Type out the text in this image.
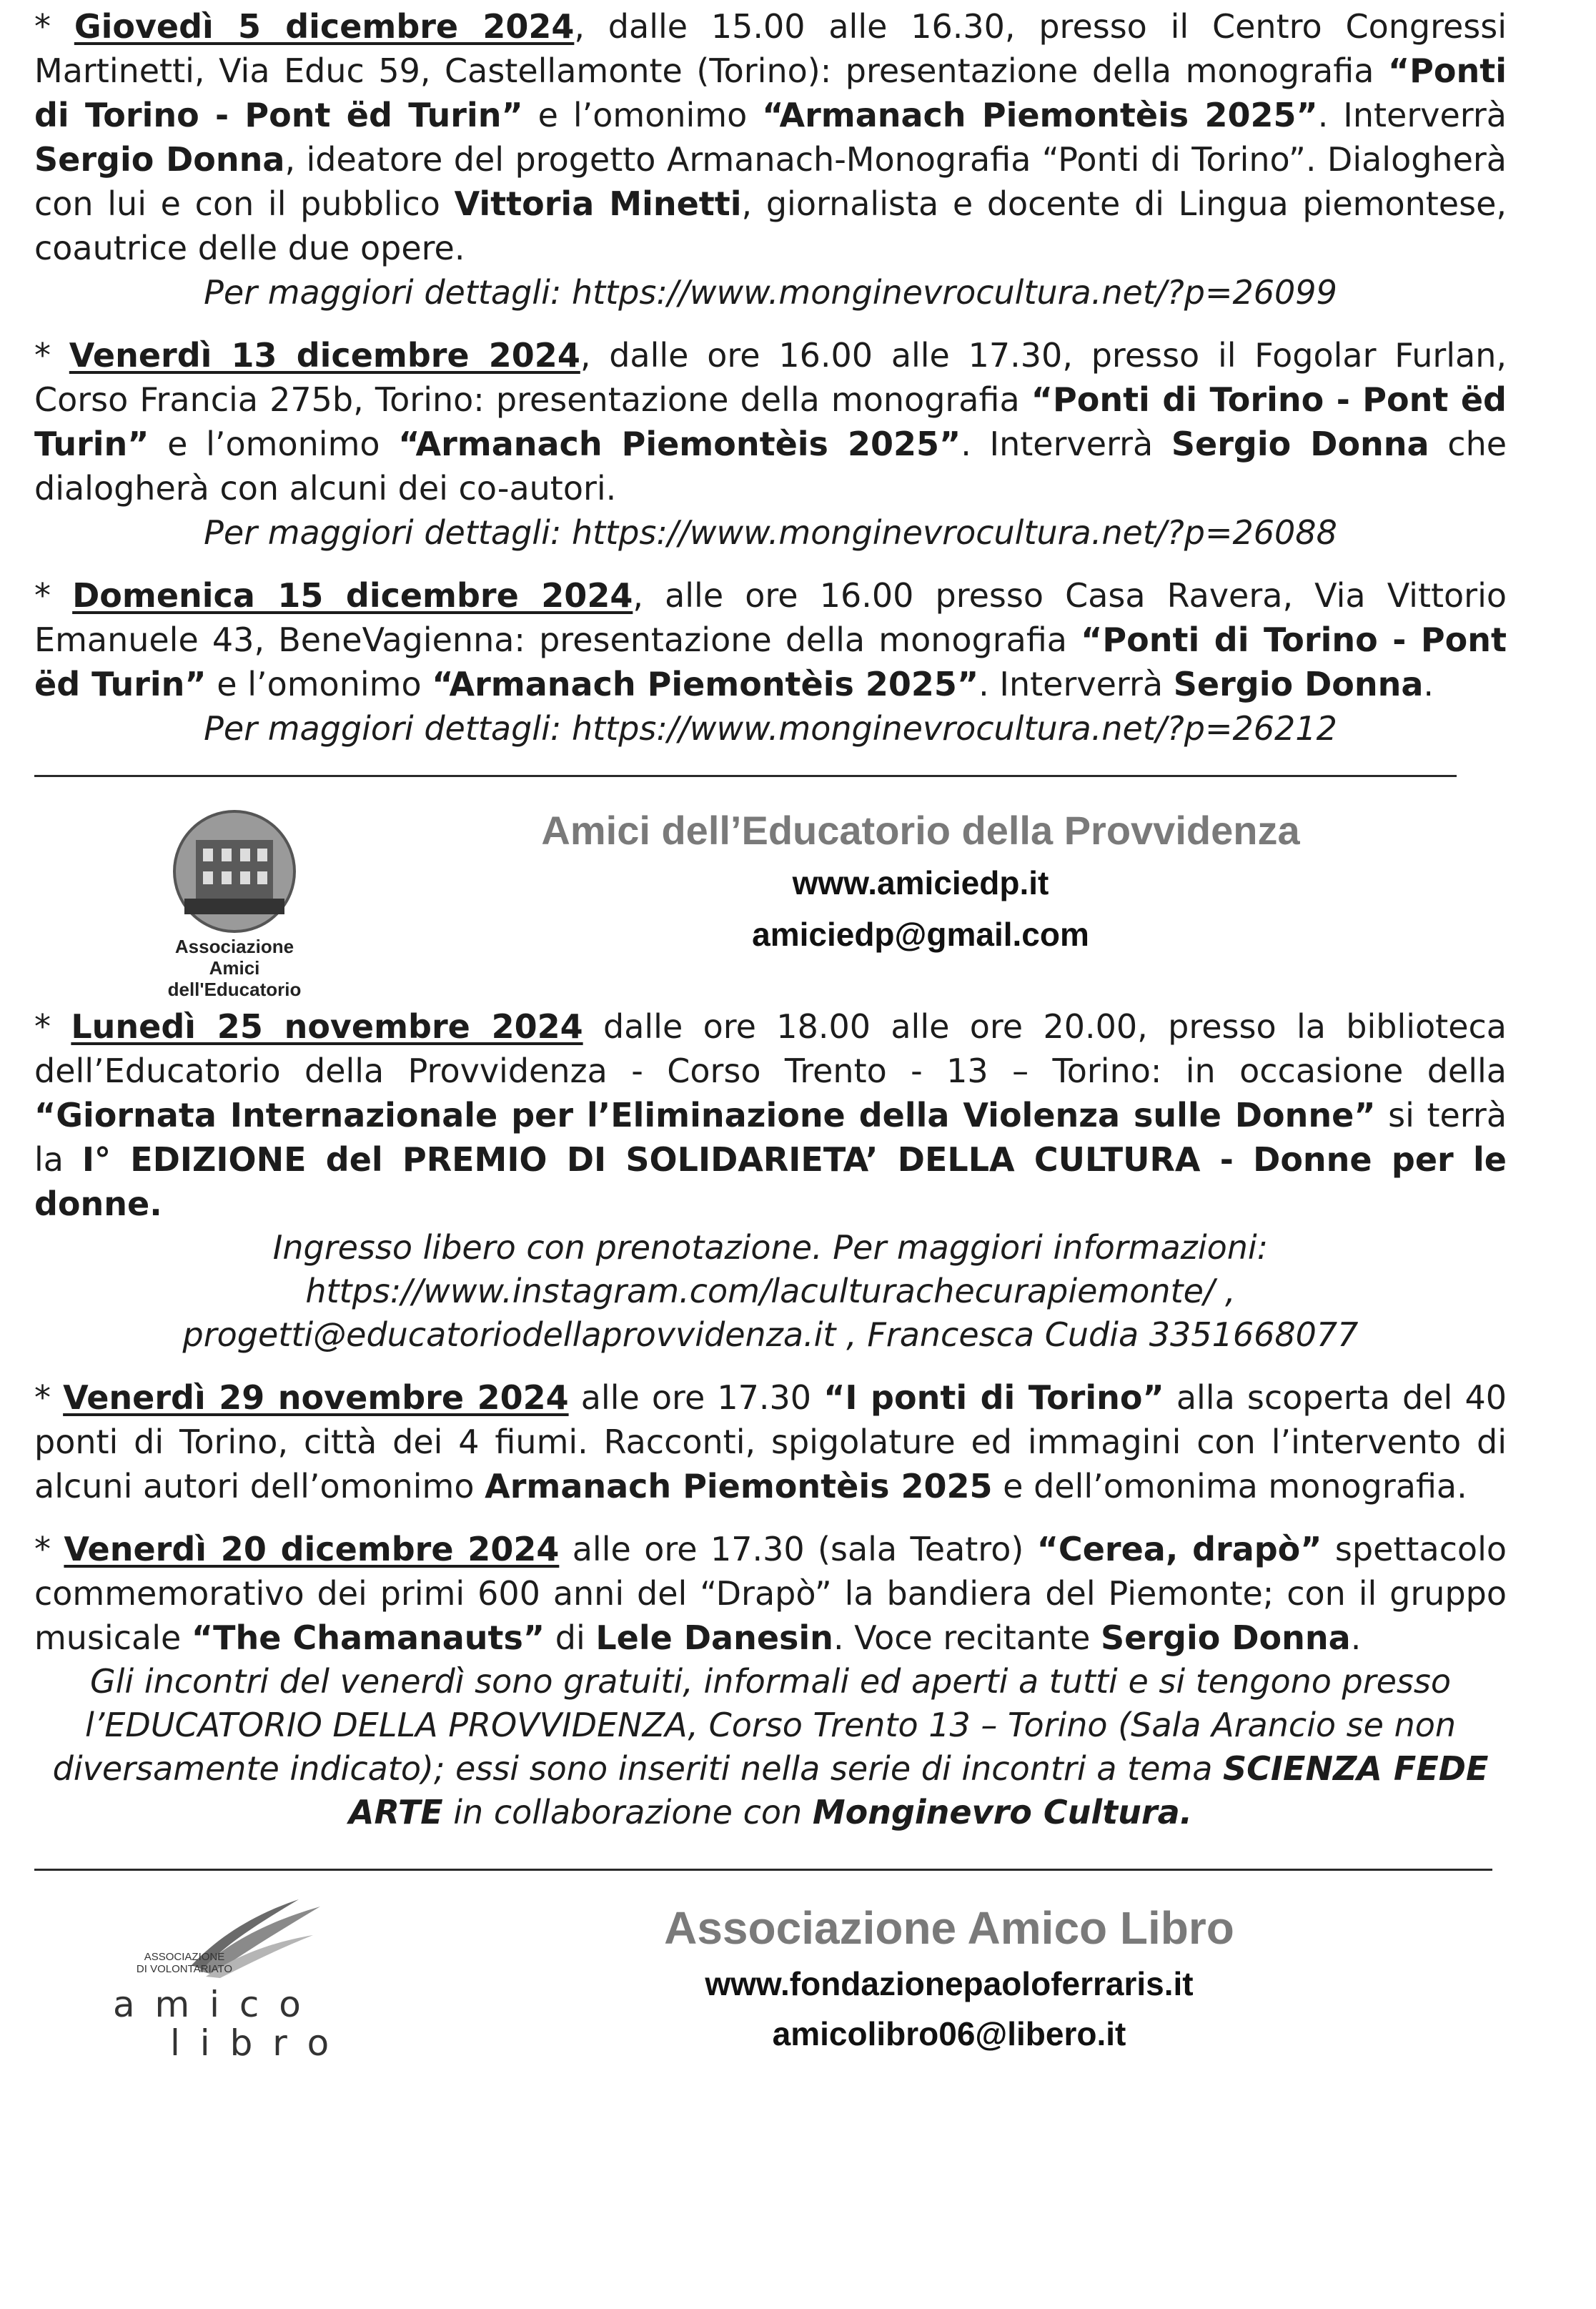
* Giovedì 5 dicembre 2024, dalle 15.00 alle 16.30, presso il Centro Congressi Martinetti, Via Educ 59, Castellamonte (Torino): presentazione della monografia “Ponti di Torino - Pont ëd Turin” e l’omonimo “Armanach Piemontèis 2025”. Interverrà Sergio Donna, ideatore del progetto Armanach-Monografia “Ponti di Torino”. Dialogherà con lui e con il pubblico Vittoria Minetti, giornalista e docente di Lingua piemontese, coautrice delle due opere.

Per maggiori dettagli: https://www.monginevrocultura.net/?p=26099

* Venerdì 13 dicembre 2024, dalle ore 16.00 alle 17.30, presso il Fogolar Furlan, Corso Francia 275b, Torino: presentazione della monografia “Ponti di Torino - Pont ëd Turin” e l’omonimo “Armanach Piemontèis 2025”. Interverrà Sergio Donna che dialogherà con alcuni dei co-autori.

Per maggiori dettagli: https://www.monginevrocultura.net/?p=26088

* Domenica 15 dicembre 2024, alle ore 16.00 presso Casa Ravera, Via Vittorio Emanuele 43, BeneVagienna: presentazione della monografia “Ponti di Torino - Pont ëd Turin” e l’omonimo “Armanach Piemontèis 2025”. Interverrà Sergio Donna.

Per maggiori dettagli: https://www.monginevrocultura.net/?p=26212

Associazione
Amici
dell'Educatorio
Amici dell’Educatorio della Provvidenza
www.amiciedp.it
amiciedp@gmail.com

* Lunedì 25 novembre 2024 dalle ore 18.00 alle ore 20.00, presso la biblioteca dell’Educatorio della Provvidenza - Corso Trento - 13 – Torino: in occasione della “Giornata Internazionale per l’Eliminazione della Violenza sulle Donne” si terrà la I° EDIZIONE del PREMIO DI SOLIDARIETA’ DELLA CULTURA - Donne per le donne.

Ingresso libero con prenotazione. Per maggiori informazioni:

https://www.instagram.com/laculturachecurapiemonte/ ,

progetti@educatoriodellaprovvidenza.it , Francesca Cudia 3351668077

* Venerdì 29 novembre 2024 alle ore 17.30 “I ponti di Torino” alla scoperta del 40 ponti di Torino, città dei 4 fiumi. Racconti, spigolature ed immagini con l’intervento di alcuni autori dell’omonimo Armanach Piemontèis 2025 e dell’omonima monografia.

* Venerdì 20 dicembre 2024 alle ore 17.30 (sala Teatro) “Cerea, drapò” spettacolo commemorativo dei primi 600 anni del “Drapò” la bandiera del Piemonte; con il gruppo musicale “The Chamanauts” di Lele Danesin. Voce recitante Sergio Donna.

Gli incontri del venerdì sono gratuiti, informali ed aperti a tutti e si tengono presso l’EDUCATORIO DELLA PROVVIDENZA, Corso Trento 13 – Torino (Sala Arancio se non diversamente indicato); essi sono inseriti nella serie di incontri a tema SCIENZA FEDE ARTE in collaborazione con Monginevro Cultura.

ASSOCIAZIONE
DI VOLONTARIATO
a m i c o
l i b r o
Associazione Amico Libro
www.fondazionepaoloferraris.it
amicolibro06@libero.it
